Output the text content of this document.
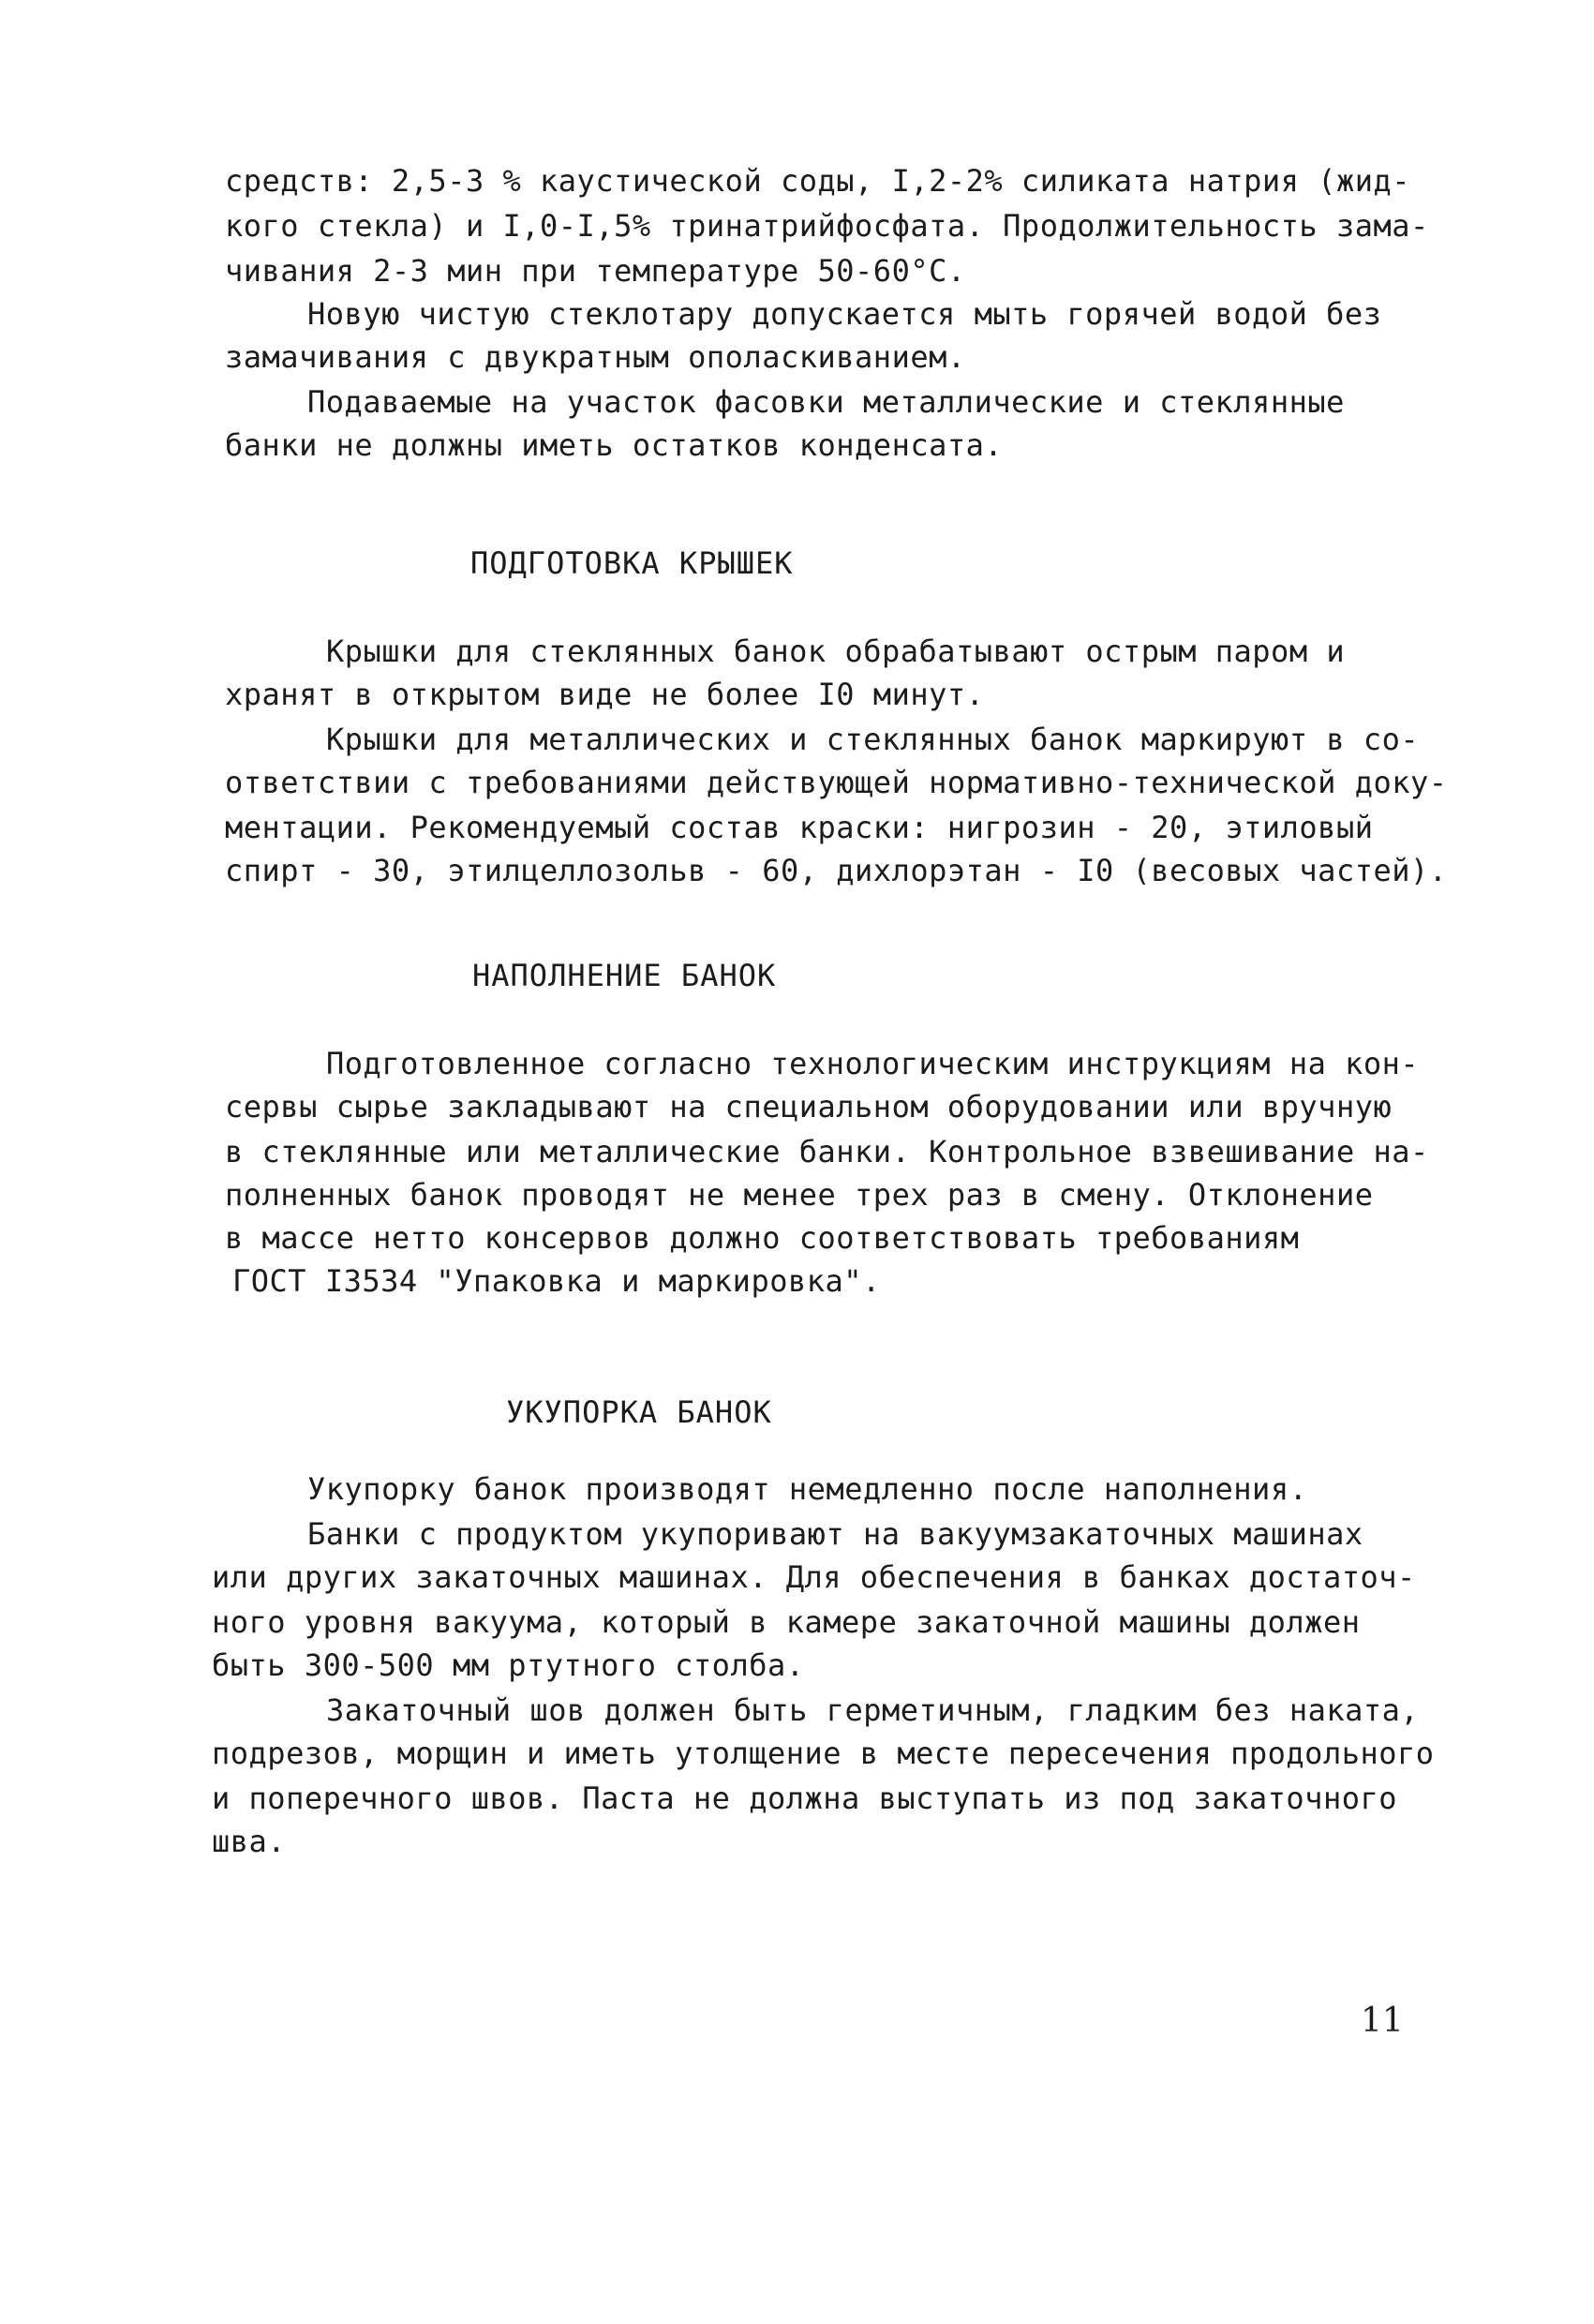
средств: 2,5-3 % каустической соды, I,2-2% силиката натрия (жид-

кого стекла) и I,0-I,5% тринатрийфосфата. Продолжительность зама-

чивания 2-3 мин при температуре 50-60°С.

Новую чистую стеклотару допускается мыть горячей водой без

замачивания с двукратным ополаскиванием.

Подаваемые на участок фасовки металлические и стеклянные

банки не должны иметь остатков конденсата.

ПОДГОТОВКА КРЫШЕК

Крышки для стеклянных банок обрабатывают острым паром и

хранят в открытом виде не более I0 минут.

Крышки для металлических и стеклянных банок маркируют в со-

ответствии с требованиями действующей нормативно-технической доку-

ментации. Рекомендуемый состав краски: нигрозин - 20, этиловый

спирт - 30, этилцеллозольв - 60, дихлорэтан - I0 (весовых частей).

НАПОЛНЕНИЕ БАНОК

Подготовленное согласно технологическим инструкциям на кон-

сервы сырье закладывают на специальном оборудовании или вручную

в стеклянные или металлические банки. Контрольное взвешивание на-

полненных банок проводят не менее трех раз в смену. Отклонение

в массе нетто консервов должно соответствовать требованиям

ГОСТ I3534 "Упаковка и маркировка".

УКУПОРКА БАНОК

Укупорку банок производят немедленно после наполнения.

Банки с продуктом укупоривают на вакуумзакаточных машинах

или других закаточных машинах. Для обеспечения в банках достаточ-

ного уровня вакуума, который в камере закаточной машины должен

быть 300-500 мм ртутного столба.

Закаточный шов должен быть герметичным, гладким без наката,

подрезов, морщин и иметь утолщение в месте пересечения продольного

и поперечного швов. Паста не должна выступать из под закаточного

шва.

11
